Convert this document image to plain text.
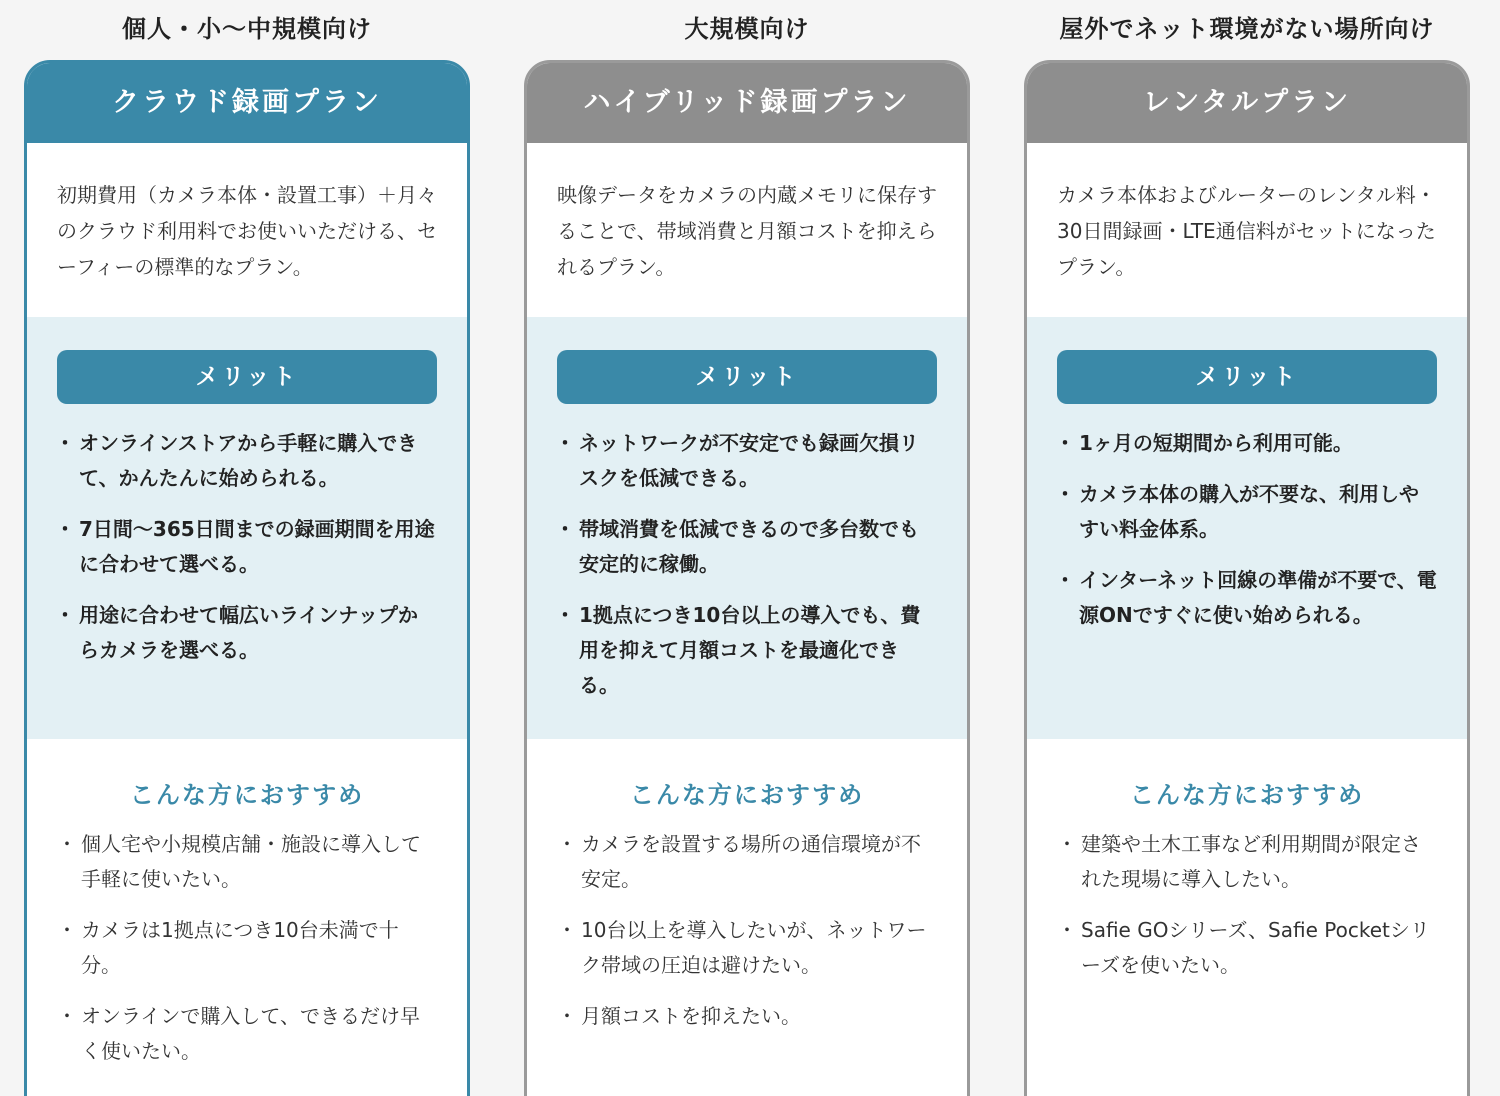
個人・小〜中規模向け
クラウド録画プラン
初期費用（カメラ本体・設置工事）＋月々のクラウド利用料でお使いいただける、セーフィーの標準的なプラン。
メリット
・ オンラインストアから手軽に購入できて、かんたんに始められる。
・ 7日間〜365日間までの録画期間を用途に合わせて選べる。
・ 用途に合わせて幅広いラインナップからカメラを選べる。
こんな方におすすめ
・ 個人宅や小規模店舗・施設に導入して手軽に使いたい。
・ カメラは1拠点につき10台未満で十分。
・ オンラインで購入して、できるだけ早く使いたい。
大規模向け
ハイブリッド録画プラン
映像データをカメラの内蔵メモリに保存することで、帯域消費と月額コストを抑えられるプラン。
メリット
・ ネットワークが不安定でも録画欠損リスクを低減できる。
・ 帯域消費を低減できるので多台数でも安定的に稼働。
・ 1拠点につき10台以上の導入でも、費用を抑えて月額コストを最適化できる。
こんな方におすすめ
・ カメラを設置する場所の通信環境が不安定。
・ 10台以上を導入したいが、ネットワーク帯域の圧迫は避けたい。
・ 月額コストを抑えたい。
屋外でネット環境がない場所向け
レンタルプラン
カメラ本体およびルーターのレンタル料・30日間録画・LTE通信料がセットになったプラン。
メリット
・ 1ヶ月の短期間から利用可能。
・ カメラ本体の購入が不要な、利用しやすい料金体系。
・ インターネット回線の準備が不要で、電源ONですぐに使い始められる。
こんな方におすすめ
・ 建築や土木工事など利用期間が限定された現場に導入したい。
・ Safie GOシリーズ、Safie Pocketシリーズを使いたい。
